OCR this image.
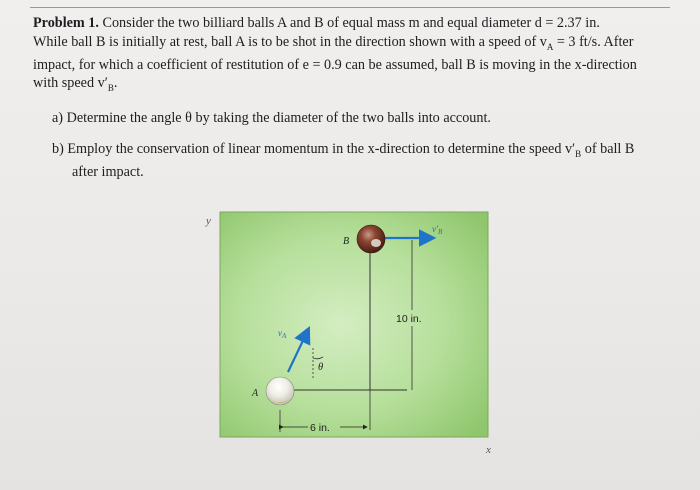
Problem 1. Consider the two billiard balls A and B of equal mass m and equal diameter d = 2.37 in.
While ball B is initially at rest, ball A is to be shot in the direction shown with a speed of $v_A = 3$ ft/s. After
impact, for which a coefficient of restitution of e = 0.9 can be assumed, ball B is moving in the x-direction
with speed $v'_B$.
a) Determine the angle θ by taking the diameter of the two balls into account.
b) Employ the conservation of linear momentum in the x-direction to determine the speed $v'_B$ of ball B
after impact.
y
x
10 in.
6 in.
θ
$v_A$
A
$v'_B$
B
